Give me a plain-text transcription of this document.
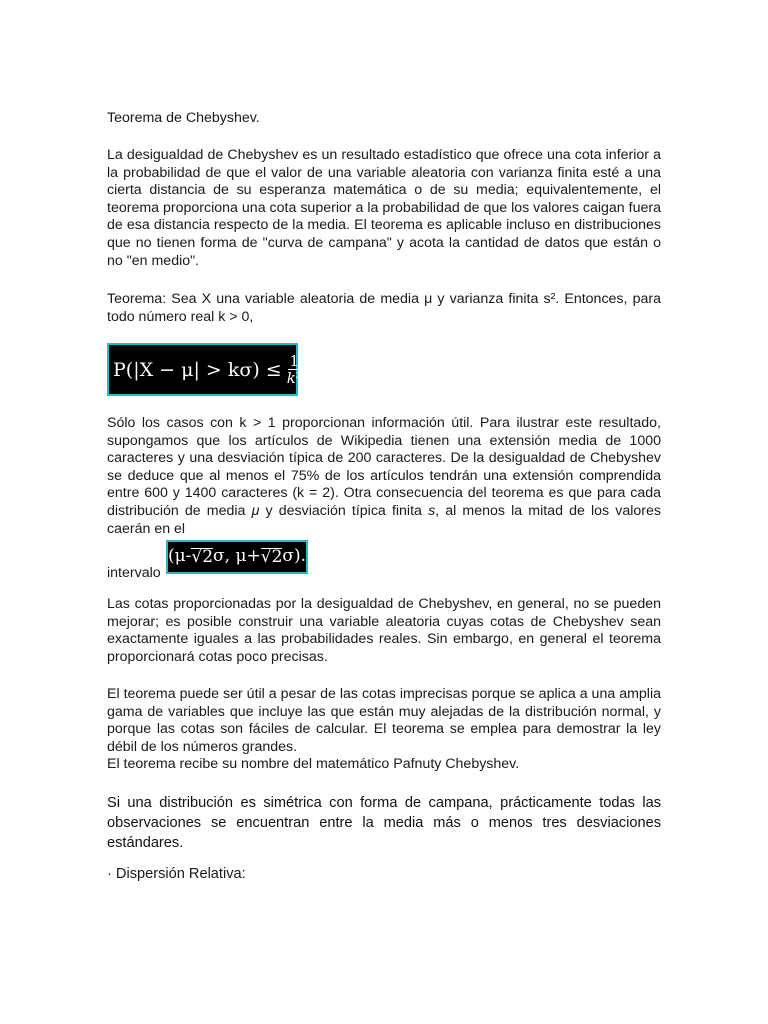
Teorema de Chebyshev.

La desigualdad de Chebyshev es un resultado estadístico que ofrece una cota inferior a la probabilidad de que el valor de una variable aleatoria con varianza finita esté a una cierta distancia de su esperanza matemática o de su media; equivalentemente, el teorema proporciona una cota superior a la probabilidad de que los valores caigan fuera de esa distancia respecto de la media. El teorema es aplicable incluso en distribuciones que no tienen forma de "curva de campana" y acota la cantidad de datos que están o no "en medio".

Teorema: Sea X una variable aleatoria de media μ y varianza finita s². Entonces, para todo número real k > 0,

$P(|X - \mu| > k\sigma) \le \frac{1}{\text{k²}}$ .
Sólo los casos con k > 1 proporcionan información útil. Para ilustrar este resultado, supongamos que los artículos de Wikipedia tienen una extensión media de 1000 caracteres y una desviación típica de 200 caracteres. De la desigualdad de Chebyshev se deduce que al menos el 75% de los artículos tendrán una extensión comprendida entre 600 y 1400 caracteres (k = 2). Otra consecuencia del teorema es que para cada distribución de media μ y desviación típica finita s, al menos la mitad de los valores caerán en el
intervalo
(μ- √2 σ, μ+ √2 σ).

Las cotas proporcionadas por la desigualdad de Chebyshev, en general, no se pueden mejorar; es posible construir una variable aleatoria cuyas cotas de Chebyshev sean exactamente iguales a las probabilidades reales. Sin embargo, en general el teorema proporcionará cotas poco precisas.

El teorema puede ser útil a pesar de las cotas imprecisas porque se aplica a una amplia gama de variables que incluye las que están muy alejadas de la distribución normal, y porque las cotas son fáciles de calcular. El teorema se emplea para demostrar la ley débil de los números grandes.
El teorema recibe su nombre del matemático Pafnuty Chebyshev.

Si una distribución es simétrica con forma de campana, prácticamente todas las observaciones se encuentran entre la media más o menos tres desviaciones estándares.

· Dispersión Relativa:
